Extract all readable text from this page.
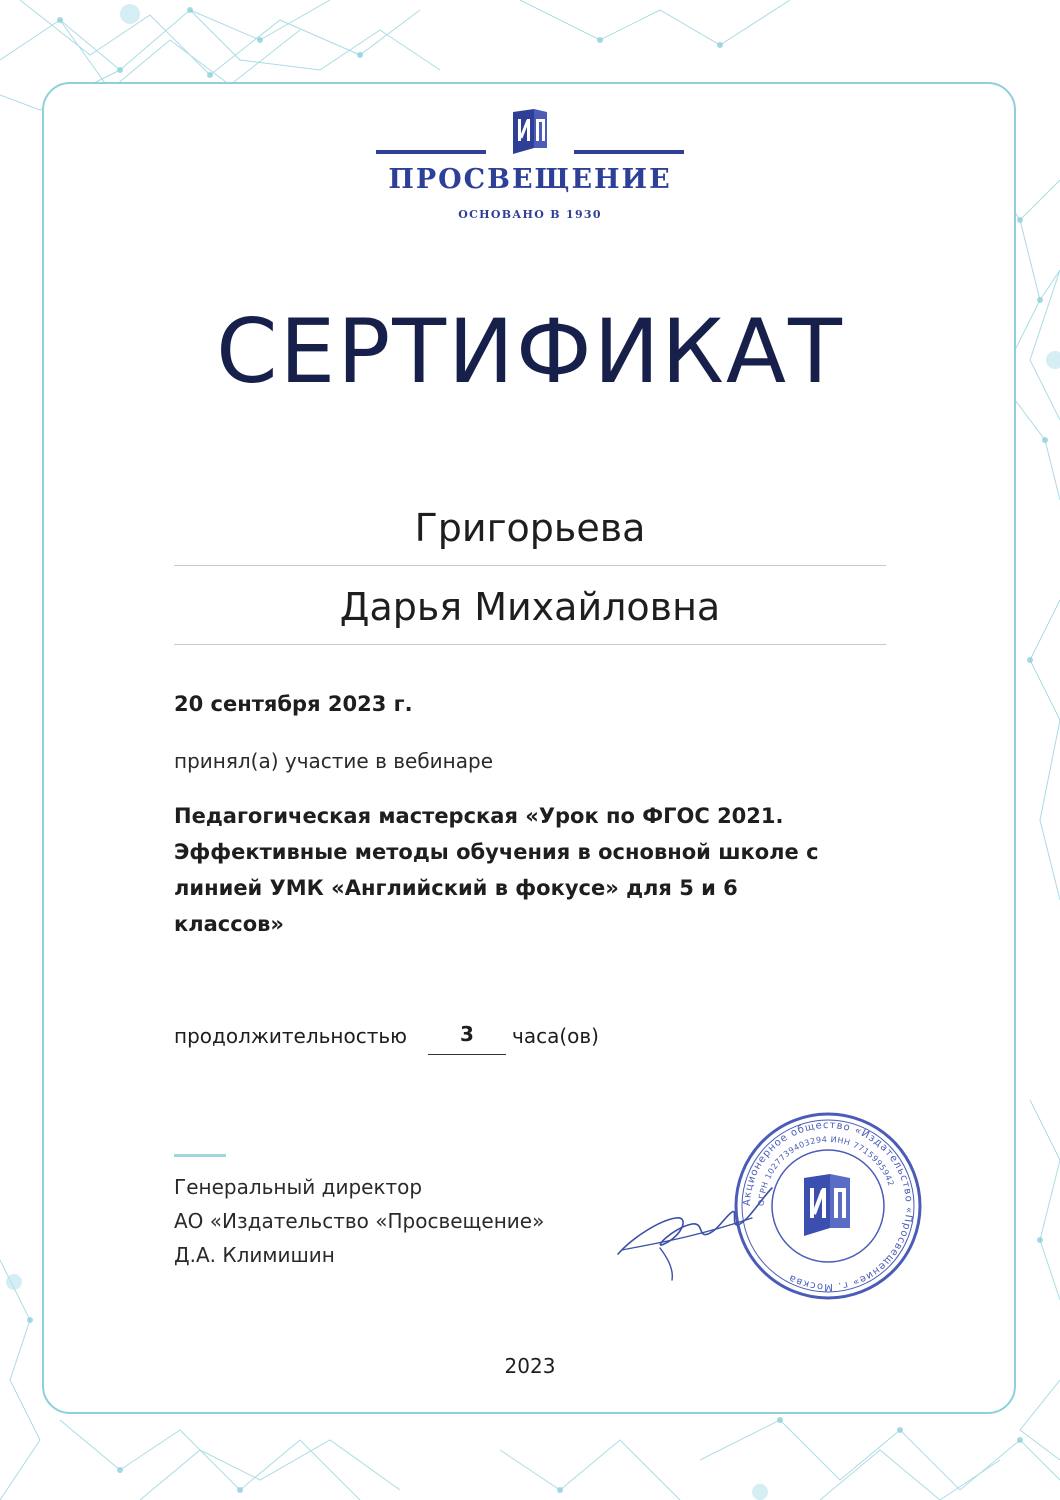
ПРОСВЕЩЕНИЕ
ОСНОВАНО В 1930
СЕРТИФИКАТ
Григорьева
Дарья Михайловна
20 сентября 2023 г.
принял(а) участие в вебинаре
Педагогическая мастерская «Урок по ФГОС 2021.
Эффективные методы обучения в основной школе с
линией УМК «Английский в фокусе» для 5 и 6
классов»
продолжительностью	3	часа(ов)
Генеральный директор
АО «Издательство «Просвещение»
Д.А. Климишин
Акционерное общество «Издательство «Просвещение» г. Москва
ОГРН 1027739403294 ИНН 7715995942
2023
